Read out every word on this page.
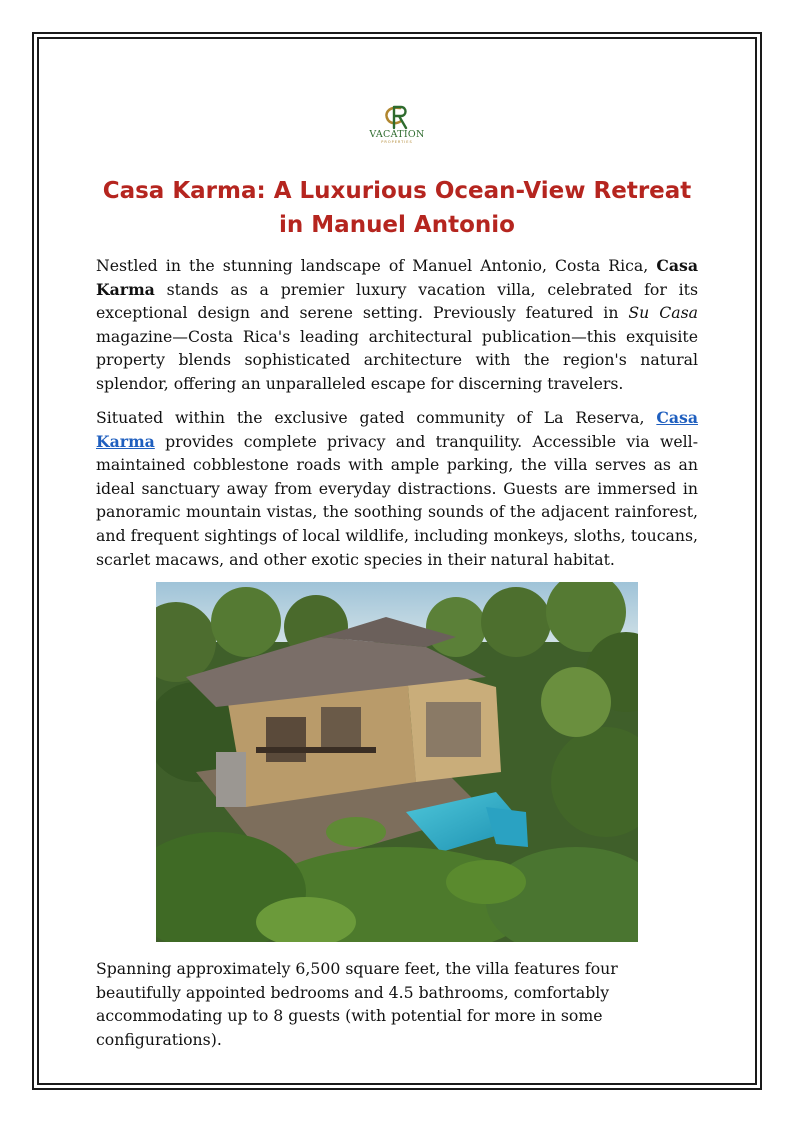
VACATION
PROPERTIES
Casa Karma: A Luxurious Ocean-View Retreat in Manuel Antonio

Nestled in the stunning landscape of Manuel Antonio, Costa Rica, Casa Karma stands as a premier luxury vacation villa, celebrated for its exceptional design and serene setting. Previously featured in Su Casa magazine—Costa Rica's leading architectural publication—this exquisite property blends sophisticated architecture with the region's natural splendor, offering an unparalleled escape for discerning travelers.

Situated within the exclusive gated community of La Reserva, Casa Karma provides complete privacy and tranquility. Accessible via well-maintained cobblestone roads with ample parking, the villa serves as an ideal sanctuary away from everyday distractions. Guests are immersed in panoramic mountain vistas, the soothing sounds of the adjacent rainforest, and frequent sightings of local wildlife, including monkeys, sloths, toucans, scarlet macaws, and other exotic species in their natural habitat.

Spanning approximately 6,500 square feet, the villa features four beautifully appointed bedrooms and 4.5 bathrooms, comfortably accommodating up to 8 guests (with potential for more in some configurations).
